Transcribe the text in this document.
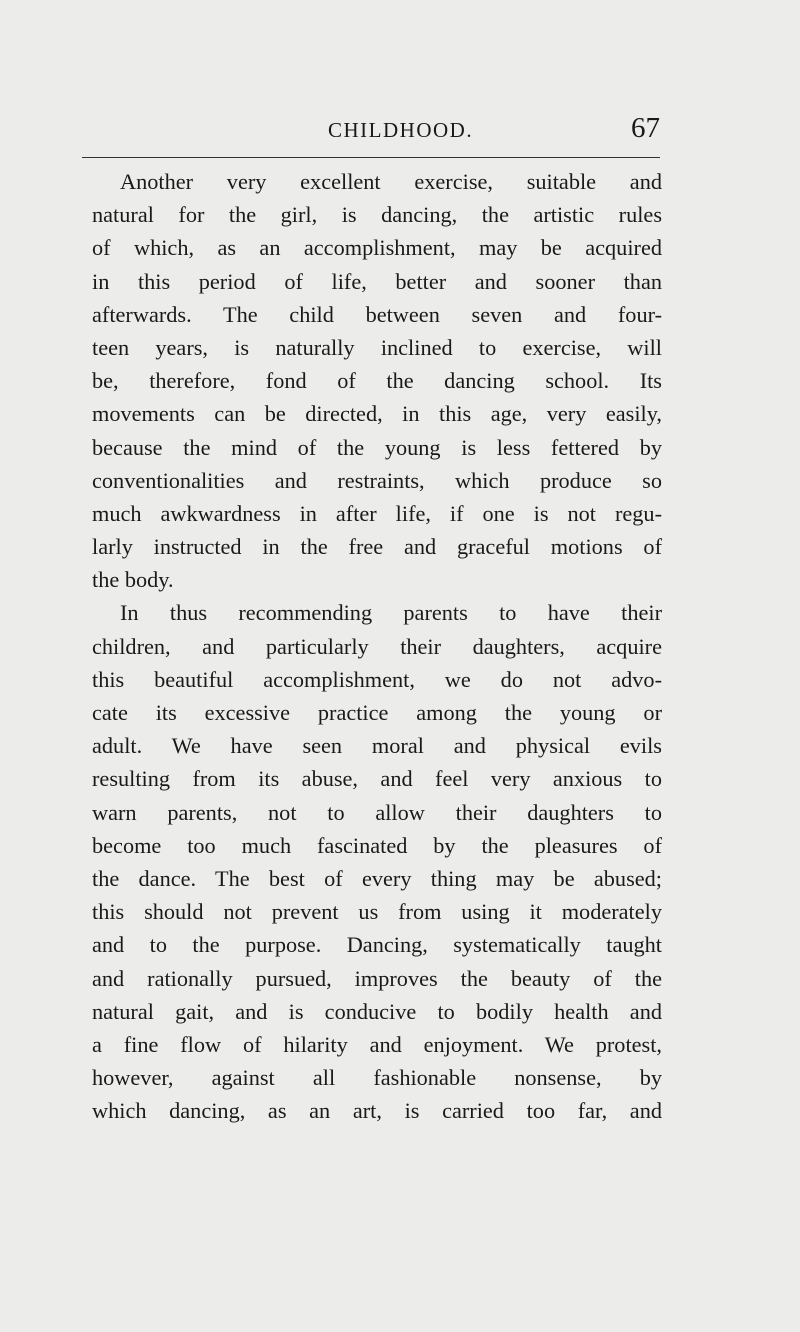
CHILDHOOD.	67
Another very excellent exercise, suitable and
natural for the girl, is dancing, the artistic rules
of which, as an accomplishment, may be acquired
in this period of life, better and sooner than
afterwards. The child between seven and four-
teen years, is naturally inclined to exercise, will
be, therefore, fond of the dancing school. Its
movements can be directed, in this age, very easily,
because the mind of the young is less fettered by
conventionalities and restraints, which produce so
much awkwardness in after life, if one is not regu-
larly instructed in the free and graceful motions of
the body.
In thus recommending parents to have their
children, and particularly their daughters, acquire
this beautiful accomplishment, we do not advo-
cate its excessive practice among the young or
adult. We have seen moral and physical evils
resulting from its abuse, and feel very anxious to
warn parents, not to allow their daughters to
become too much fascinated by the pleasures of
the dance. The best of every thing may be abused;
this should not prevent us from using it moderately
and to the purpose. Dancing, systematically taught
and rationally pursued, improves the beauty of the
natural gait, and is conducive to bodily health and
a fine flow of hilarity and enjoyment. We protest,
however, against all fashionable nonsense, by
which dancing, as an art, is carried too far, and
